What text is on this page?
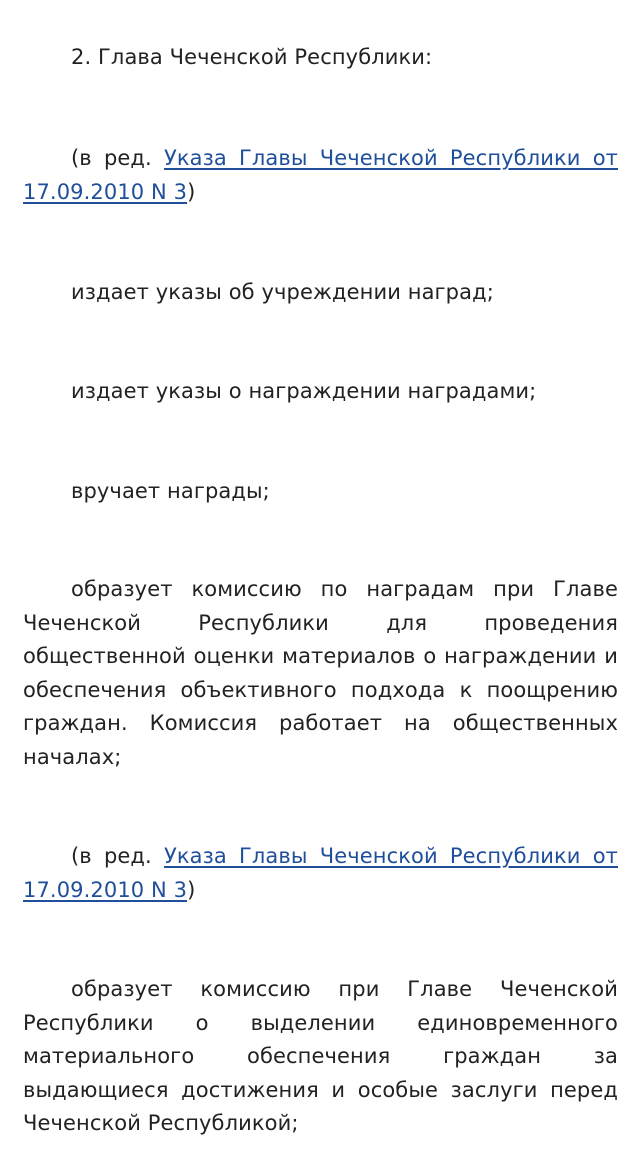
2. Глава Чеченской Республики:

(в ред. Указа Главы Чеченской Республики от 17.09.2010 N 3)

издает указы об учреждении наград;

издает указы о награждении наградами;

вручает награды;

образует комиссию по наградам при Главе Чеченской Республики для проведения общественной оценки материалов о награждении и обеспечения объективного подхода к поощрению граждан. Комиссия работает на общественных началах;

(в ред. Указа Главы Чеченской Республики от 17.09.2010 N 3)

образует комиссию при Главе Чеченской Республики о выделении единовременного материального обеспечения граждан за выдающиеся достижения и особые заслуги перед Чеченской Республикой;
